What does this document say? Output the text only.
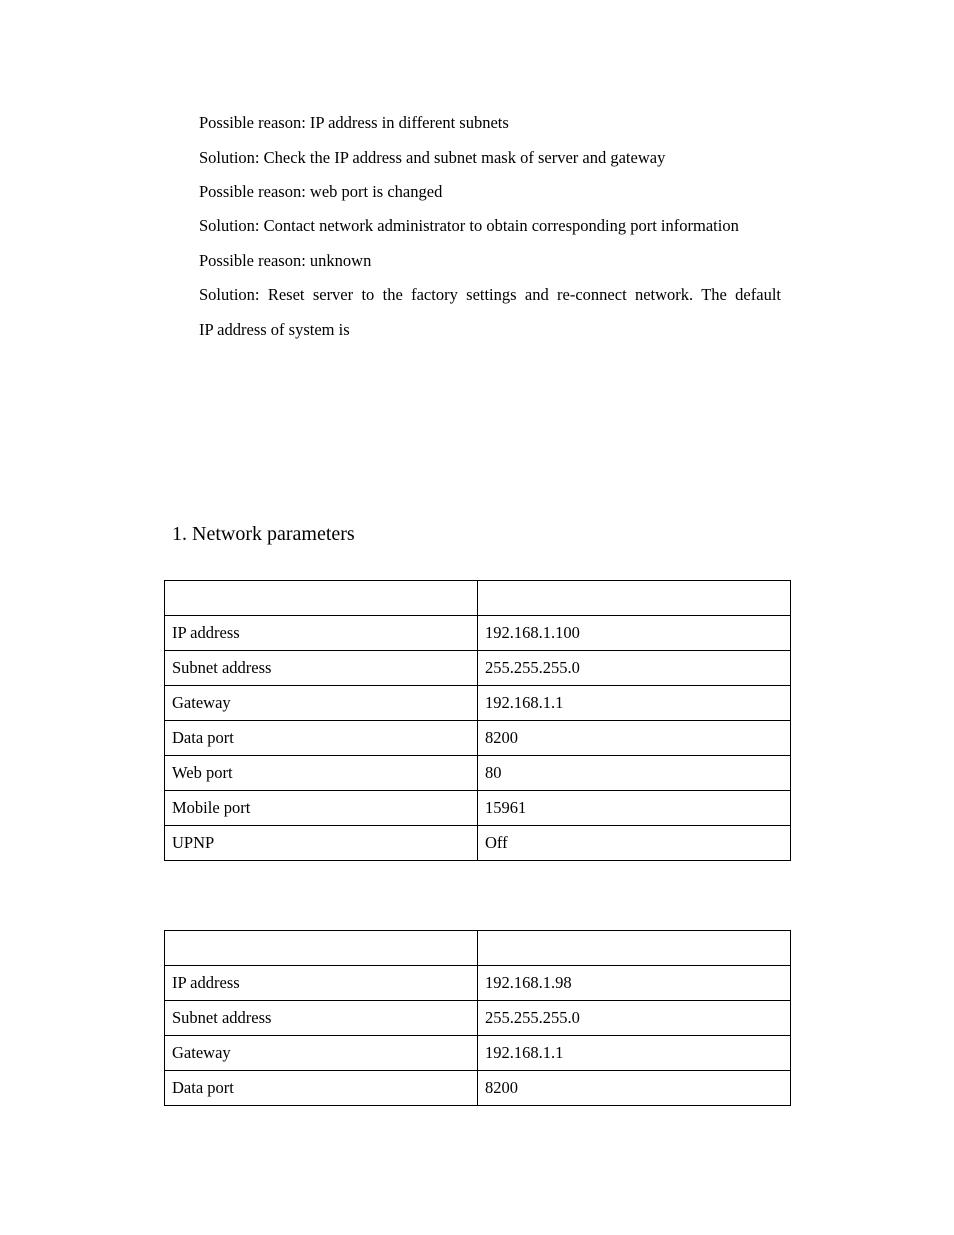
Possible reason: IP address in different subnets
Solution: Check the IP address and subnet mask of server and gateway
Possible reason: web port is changed
Solution: Contact network administrator to obtain corresponding port information
Possible reason: unknown
Solution: Reset server to the factory settings and re-connect network. The default
IP address of system is
1. Network parameters

IP address	192.168.1.100
Subnet address	255.255.255.0
Gateway	192.168.1.1
Data port	8200
Web port	80
Mobile port	15961
UPNP	Off

IP address	192.168.1.98
Subnet address	255.255.255.0
Gateway	192.168.1.1
Data port	8200
